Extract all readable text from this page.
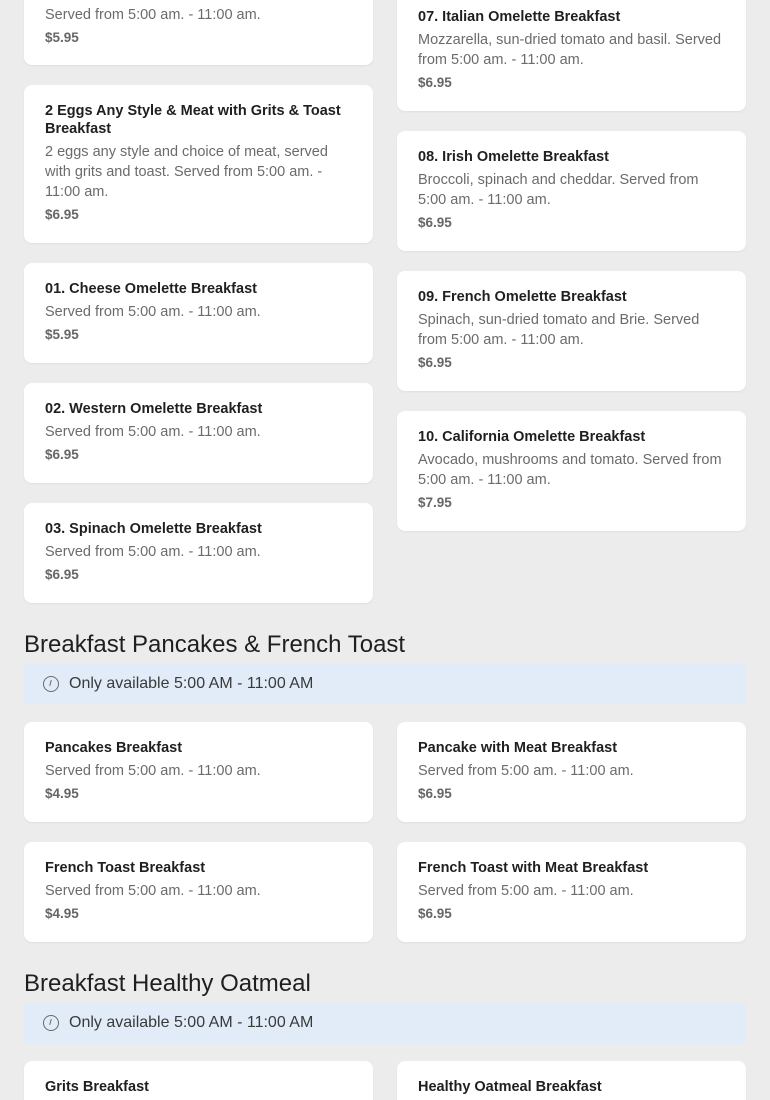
Served from 5:00 am. - 11:00 am.
$5.95
2 Eggs Any Style & Meat with Grits & Toast Breakfast
2 eggs any style and choice of meat, served with grits and toast. Served from 5:00 am. - 11:00 am.
$6.95
01. Cheese Omelette Breakfast
Served from 5:00 am. - 11:00 am.
$5.95
02. Western Omelette Breakfast
Served from 5:00 am. - 11:00 am.
$6.95
03. Spinach Omelette Breakfast
Served from 5:00 am. - 11:00 am.
$6.95
07. Italian Omelette Breakfast
Mozzarella, sun-dried tomato and basil. Served from 5:00 am. - 11:00 am.
$6.95
08. Irish Omelette Breakfast
Broccoli, spinach and cheddar. Served from 5:00 am. - 11:00 am.
$6.95
09. French Omelette Breakfast
Spinach, sun-dried tomato and Brie. Served from 5:00 am. - 11:00 am.
$6.95
10. California Omelette Breakfast
Avocado, mushrooms and tomato. Served from 5:00 am. - 11:00 am.
$7.95
Breakfast Pancakes & French Toast
Only available 5:00 AM - 11:00 AM
Pancakes Breakfast
Served from 5:00 am. - 11:00 am.
$4.95
Pancake with Meat Breakfast
Served from 5:00 am. - 11:00 am.
$6.95
French Toast Breakfast
Served from 5:00 am. - 11:00 am.
$4.95
French Toast with Meat Breakfast
Served from 5:00 am. - 11:00 am.
$6.95
Breakfast Healthy Oatmeal
Only available 5:00 AM - 11:00 AM
Grits Breakfast	Healthy Oatmeal Breakfast
